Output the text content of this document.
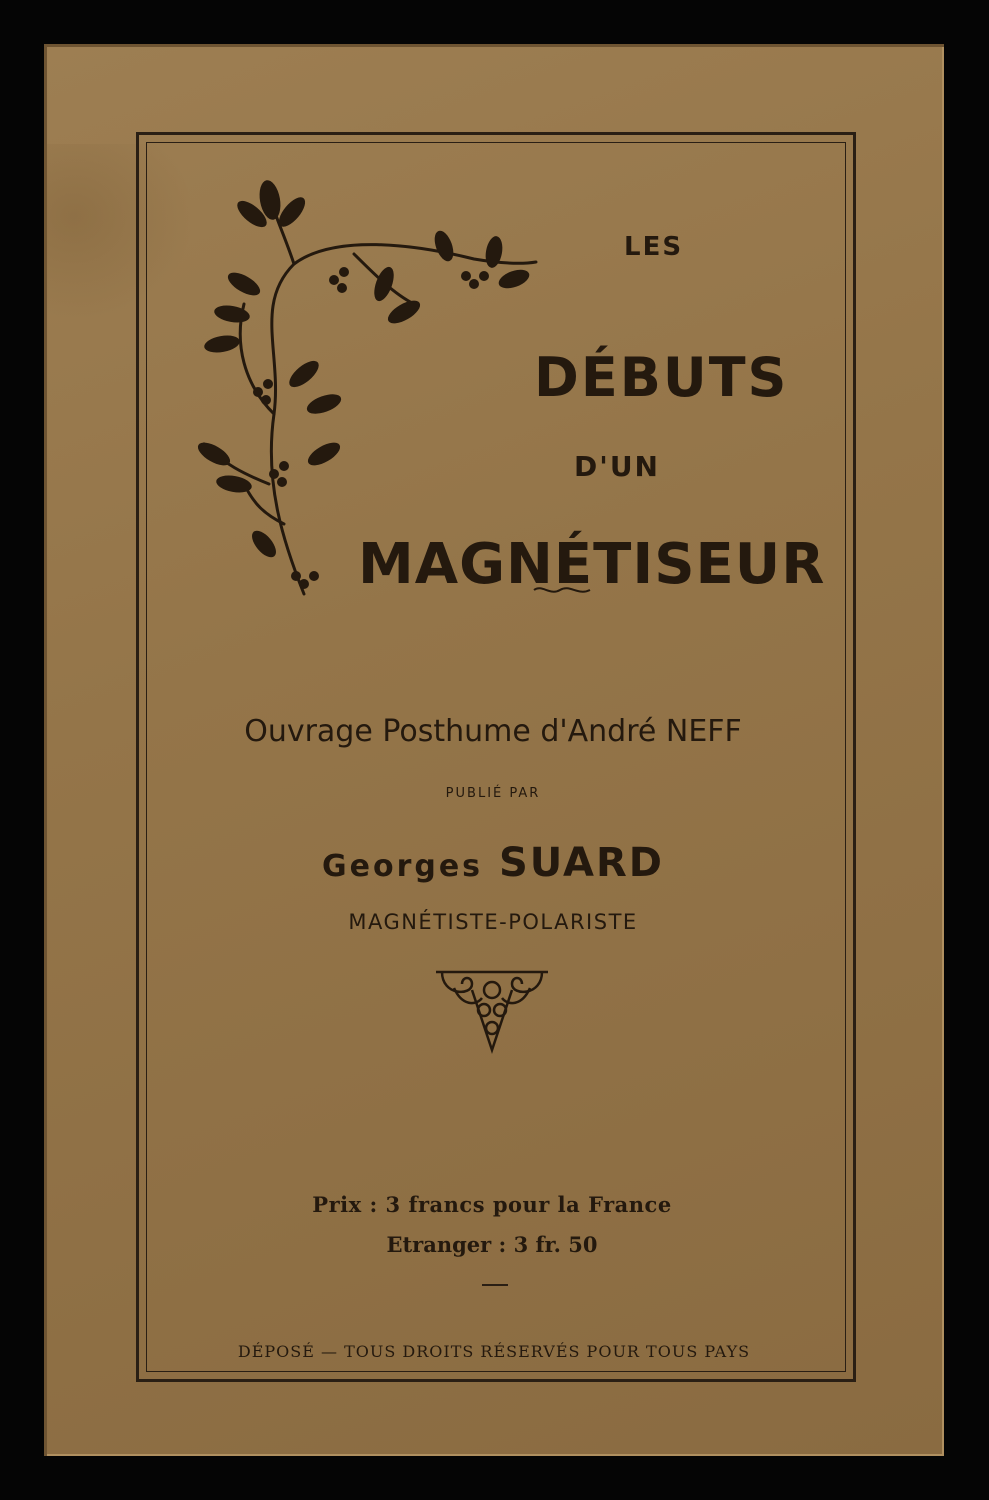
LES
DÉBUTS
D'UN
MAGNÉTISEUR
Ouvrage Posthume d'André NEFF
PUBLIÉ PAR
Georges SUARD
MAGNÉTISTE-POLARISTE
Prix : 3 francs pour la France
Etranger : 3 fr. 50
DÉPOSÉ — TOUS DROITS RÉSERVÉS POUR TOUS PAYS
